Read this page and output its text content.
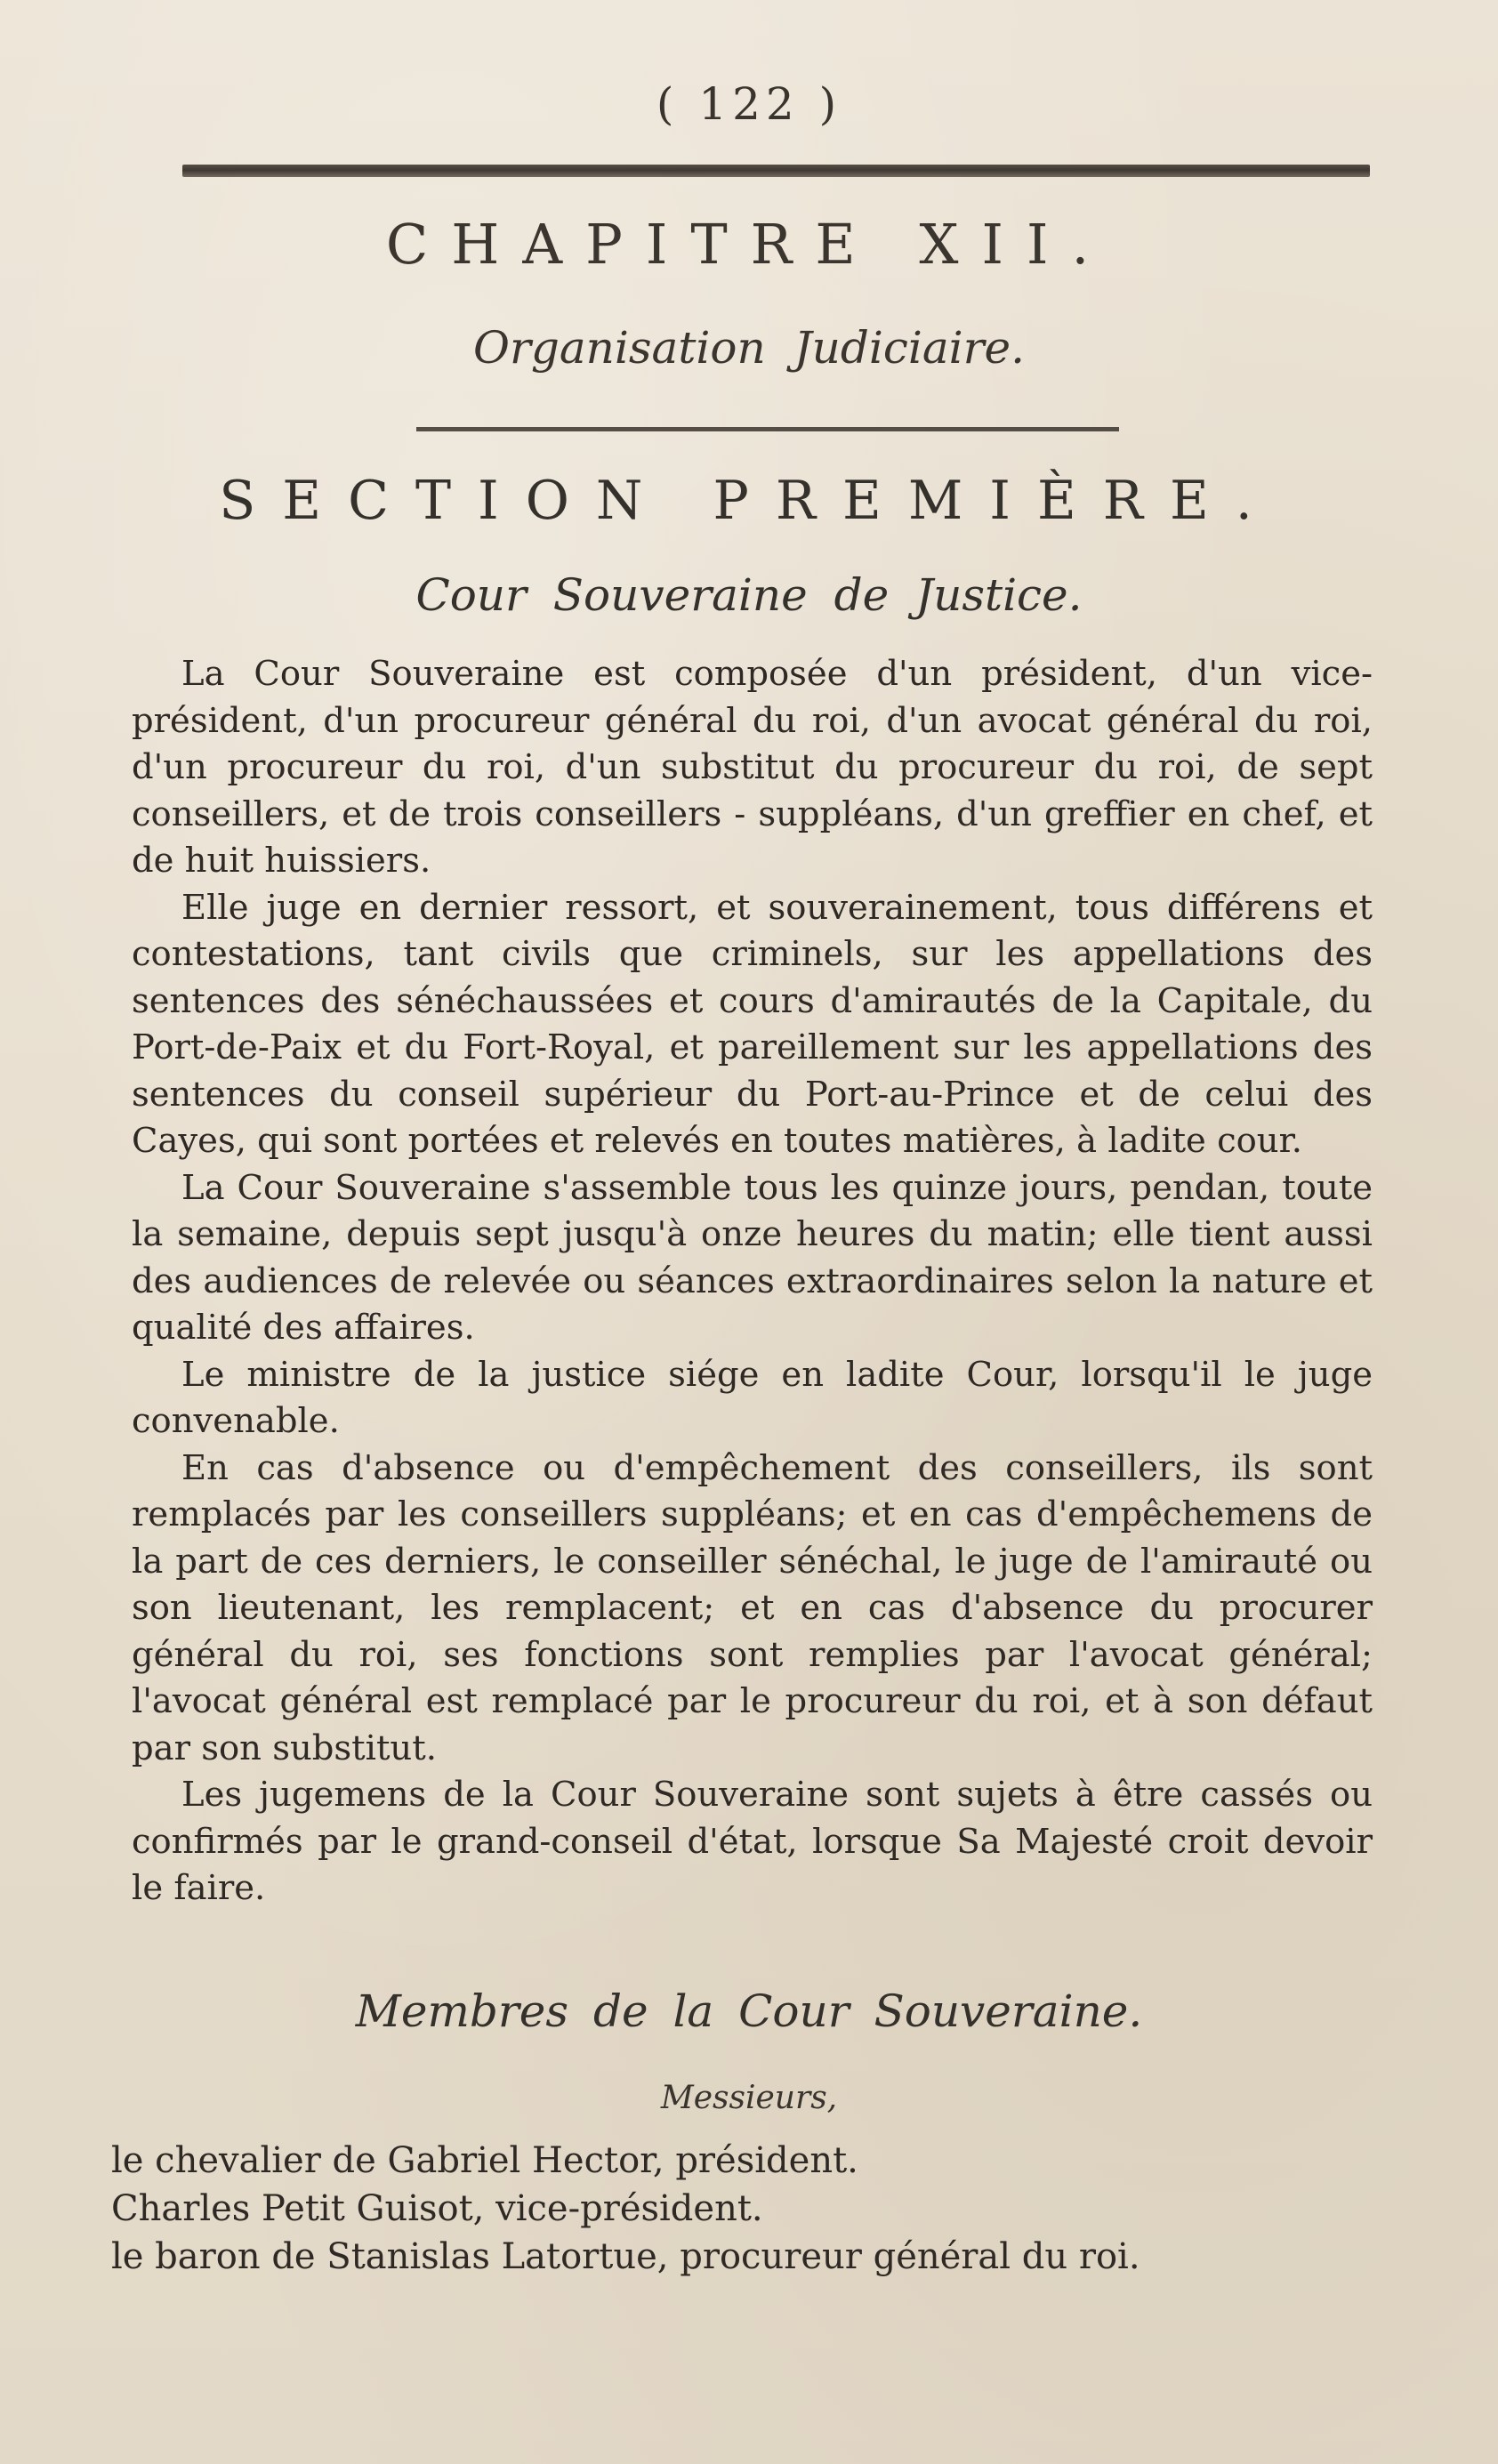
( 122 )
CHAPITRE XII.
Organisation Judiciaire.
SECTION PREMIÈRE.
Cour Souveraine de Justice.

La Cour Souveraine est composée d'un président, d'un vice-président, d'un procureur général du roi, d'un avocat général du roi, d'un procureur du roi, d'un substitut du procureur du roi, de sept conseillers, et de trois conseillers - suppléans, d'un greffier en chef, et de huit huissiers.

Elle juge en dernier ressort, et souverainement, tous différens et contestations, tant civils que criminels, sur les appellations des sentences des sénéchaussées et cours d'amirautés de la Capitale, du Port-de-Paix et du Fort-Royal, et pareillement sur les appellations des sentences du conseil supérieur du Port-au-Prince et de celui des Cayes, qui sont portées et relevés en toutes matières, à ladite cour.

La Cour Souveraine s'assemble tous les quinze jours, pendan, toute la semaine, depuis sept jusqu'à onze heures du matin; elle tient aussi des audiences de relevée ou séances extraordinaires selon la nature et qualité des affaires.

Le ministre de la justice siége en ladite Cour, lorsqu'il le juge convenable.

En cas d'absence ou d'empêchement des conseillers, ils sont remplacés par les conseillers suppléans; et en cas d'empêchemens de la part de ces derniers, le conseiller sénéchal, le juge de l'amirauté ou son lieutenant, les remplacent; et en cas d'absence du procurer général du roi, ses fonctions sont remplies par l'avocat général; l'avocat général est remplacé par le procureur du roi, et à son défaut par son substitut.

Les jugemens de la Cour Souveraine sont sujets à être cassés ou confirmés par le grand-conseil d'état, lorsque Sa Majesté croit devoir le faire.

Membres de la Cour Souveraine.
Messieurs,
le chevalier de Gabriel Hector, président.
Charles Petit Guisot, vice-président.
le baron de Stanislas Latortue, procureur général du roi.
